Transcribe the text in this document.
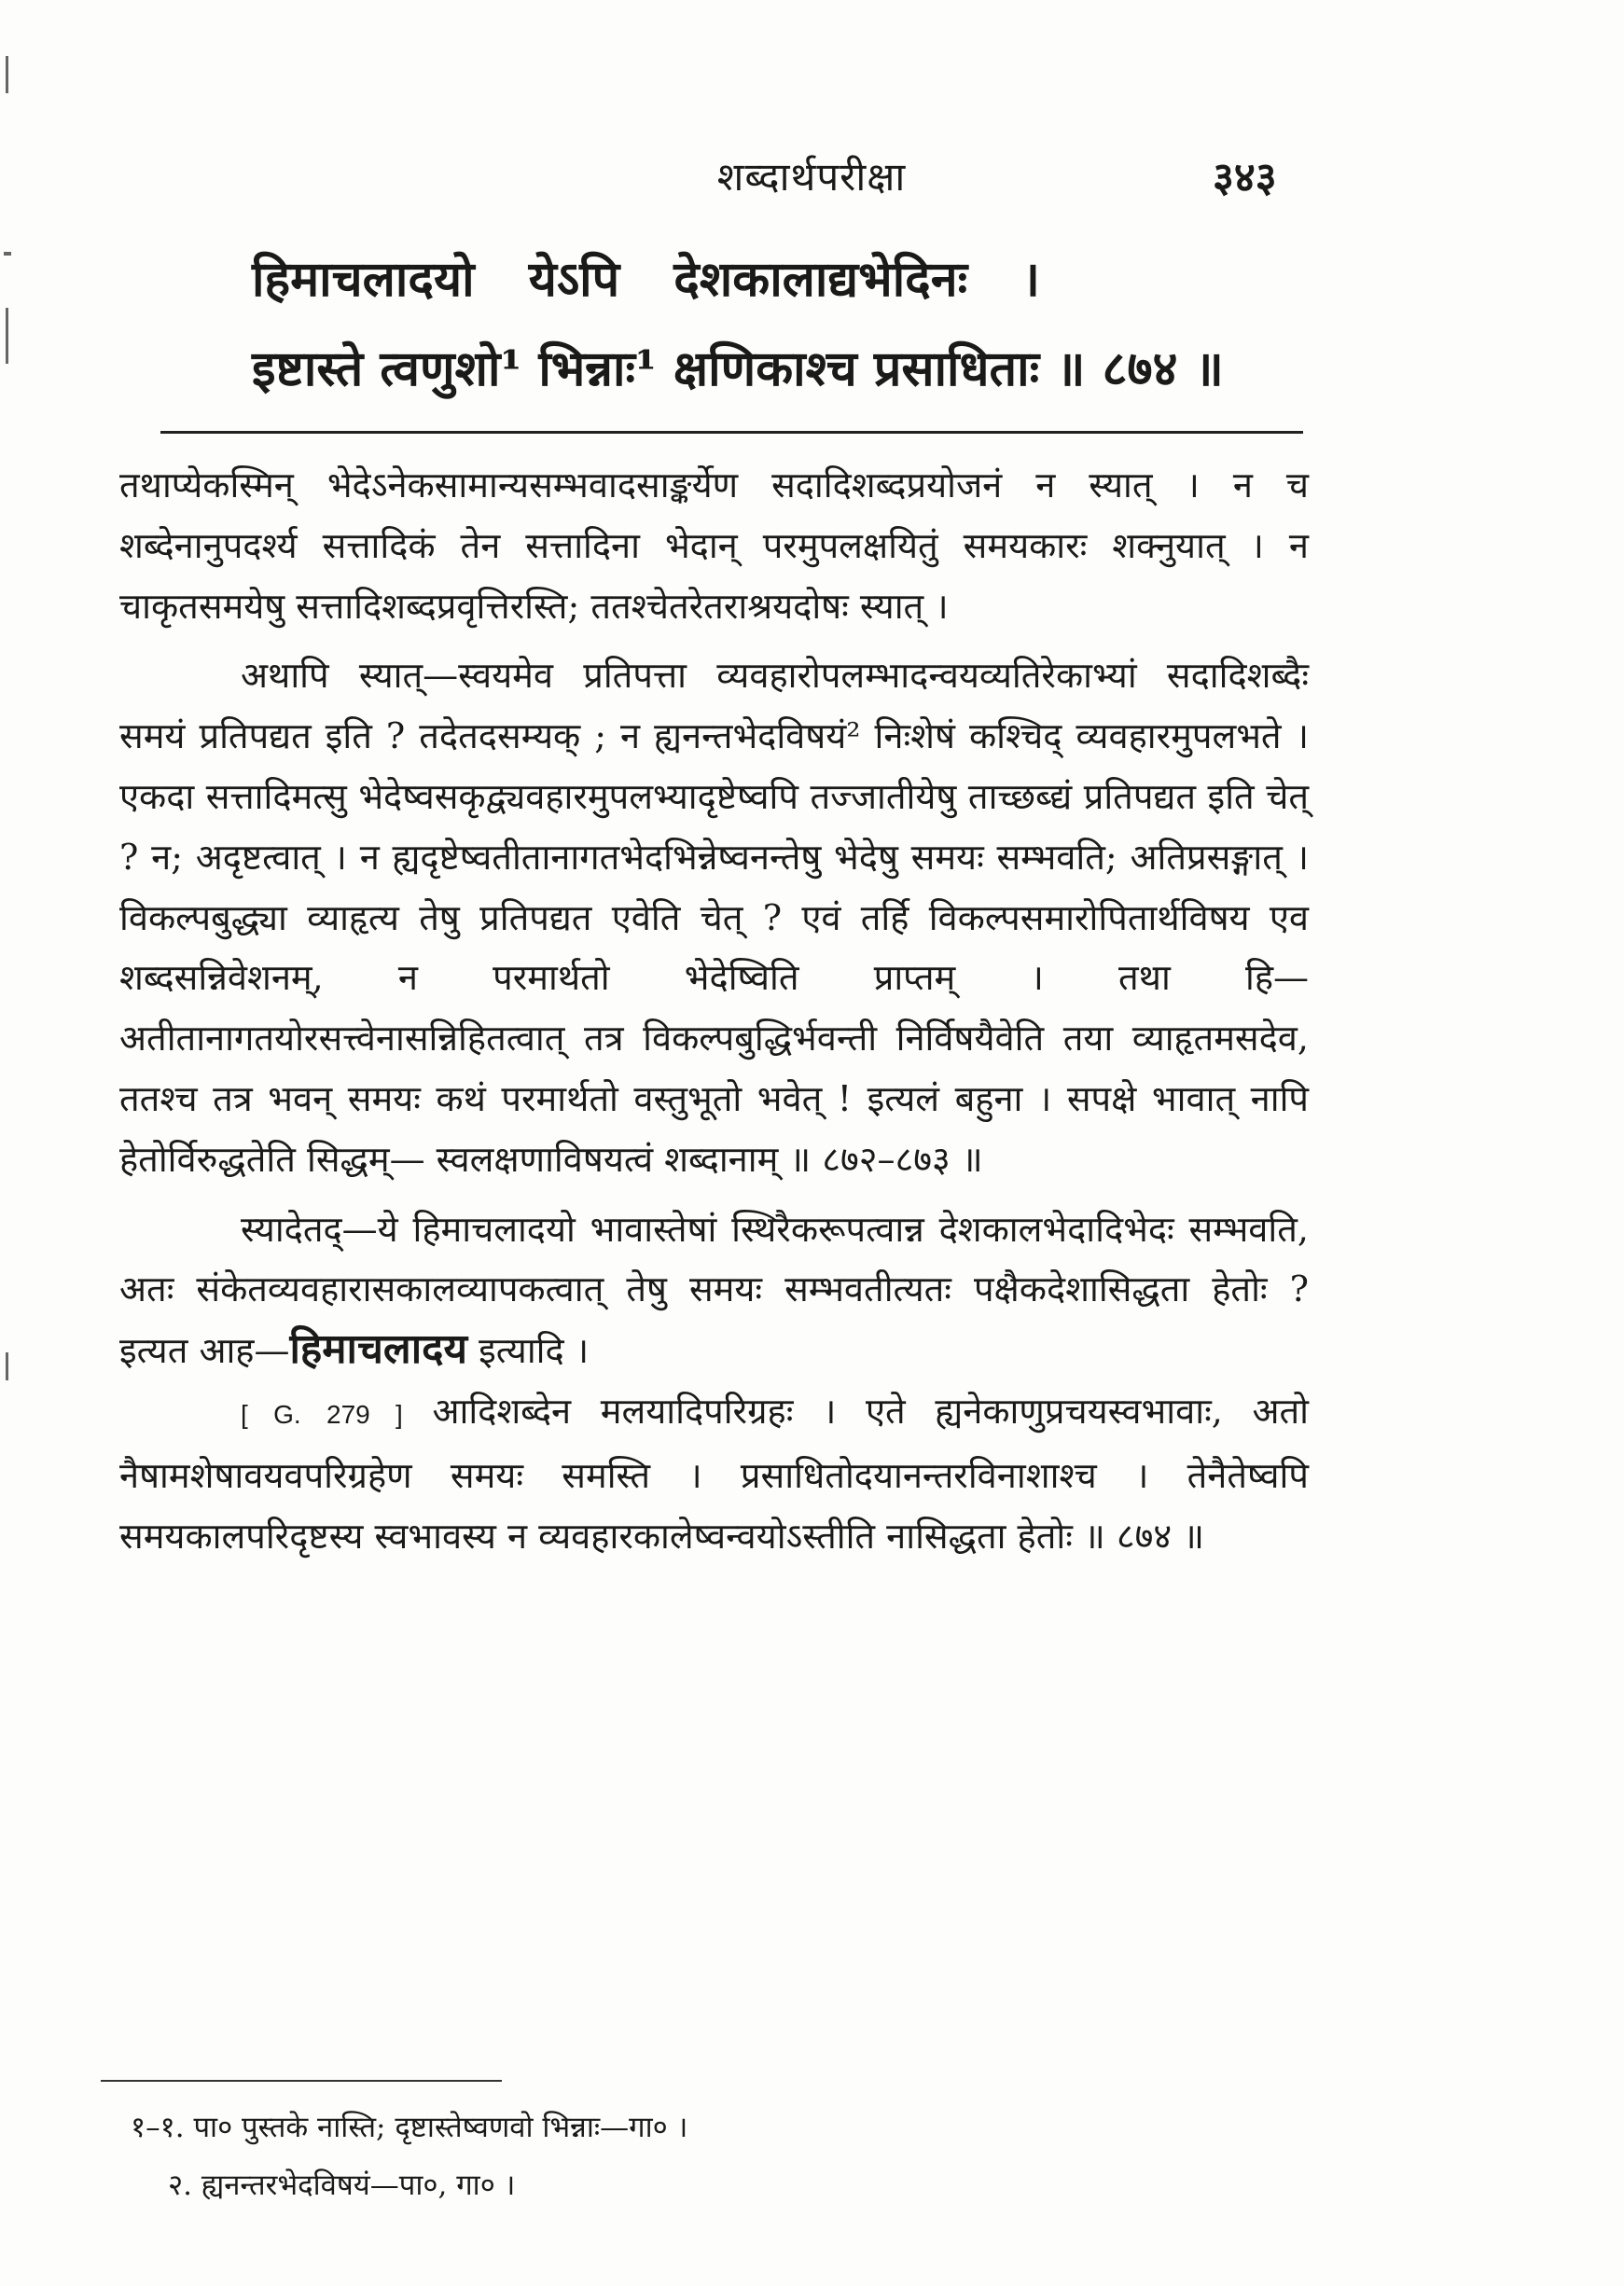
शब्दार्थपरीक्षा	३४३
हिमाचलादयो येऽपि देशकालाद्यभेदिनः ।
इष्टास्ते त्वणुशो¹ भिन्नाः¹ क्षणिकाश्च प्रसाधिताः ॥ ८७४ ॥

तथाप्येकस्मिन् भेदेऽनेकसामान्यसम्भवादसाङ्कर्येण सदादिशब्दप्रयोजनं न स्यात् । न च शब्देनानुपदर्श्य सत्तादिकं तेन सत्तादिना भेदान् परमुपलक्षयितुं समयकारः शक्नुयात् । न चाकृतसमयेषु सत्तादिशब्दप्रवृत्तिरस्ति; ततश्चेतरेतराश्रयदोषः स्यात् ।

अथापि स्यात्—स्वयमेव प्रतिपत्ता व्यवहारोपलम्भादन्वयव्यतिरेकाभ्यां सदादिशब्दैः समयं प्रतिपद्यत इति ? तदेतदसम्यक् ; न ह्यनन्तभेदविषयं² निःशेषं कश्चिद् व्यवहारमुपलभते । एकदा सत्तादिमत्सु भेदेष्वसकृद्व्यवहारमुपलभ्यादृष्टेष्वपि तज्जातीयेषु ताच्छब्द्यं प्रतिपद्यत इति चेत् ? न; अदृष्टत्वात् । न ह्यदृष्टेष्वतीतानागतभेदभिन्नेष्वनन्तेषु भेदेषु समयः सम्भवति; अतिप्रसङ्गात् । विकल्पबुद्ध्या व्याहृत्य तेषु प्रतिपद्यत एवेति चेत् ? एवं तर्हि विकल्पसमारोपितार्थविषय एव शब्दसन्निवेशनम्, न परमार्थतो भेदेष्विति प्राप्तम् । तथा हि—अतीतानागतयोरसत्त्वेनासन्निहितत्वात् तत्र विकल्पबुद्धिर्भवन्ती निर्विषयैवेति तया व्याहृतमसदेव, ततश्च तत्र भवन् समयः कथं परमार्थतो वस्तुभूतो भवेत् ! इत्यलं बहुना । सपक्षे भावात् नापि हेतोर्विरुद्धतेति सिद्धम्— स्वलक्षणाविषयत्वं शब्दानाम् ॥ ८७२–८७३ ॥

स्यादेतद्—ये हिमाचलादयो भावास्तेषां स्थिरैकरूपत्वान्न देशकालभेदादिभेदः सम्भवति, अतः संकेतव्यवहारासकालव्यापकत्वात् तेषु समयः सम्भवतीत्यतः पक्षैकदेशासिद्धता हेतोः ? इत्यत आह—हिमाचलादय इत्यादि ।

[ G. 279 ] आदिशब्देन मलयादिपरिग्रहः । एते ह्यनेकाणुप्रचयस्वभावाः, अतो नैषामशेषावयवपरिग्रहेण समयः समस्ति । प्रसाधितोदयानन्तरविनाशाश्च । तेनैतेष्वपि समयकालपरिदृष्टस्य स्वभावस्य न व्यवहारकालेष्वन्वयोऽस्तीति नासिद्धता हेतोः ॥ ८७४ ॥

१–१. पा० पुस्तके नास्ति; दृष्टास्तेष्वणवो भिन्नाः—गा० ।

२. ह्यनन्तरभेदविषयं—पा०, गा० ।
